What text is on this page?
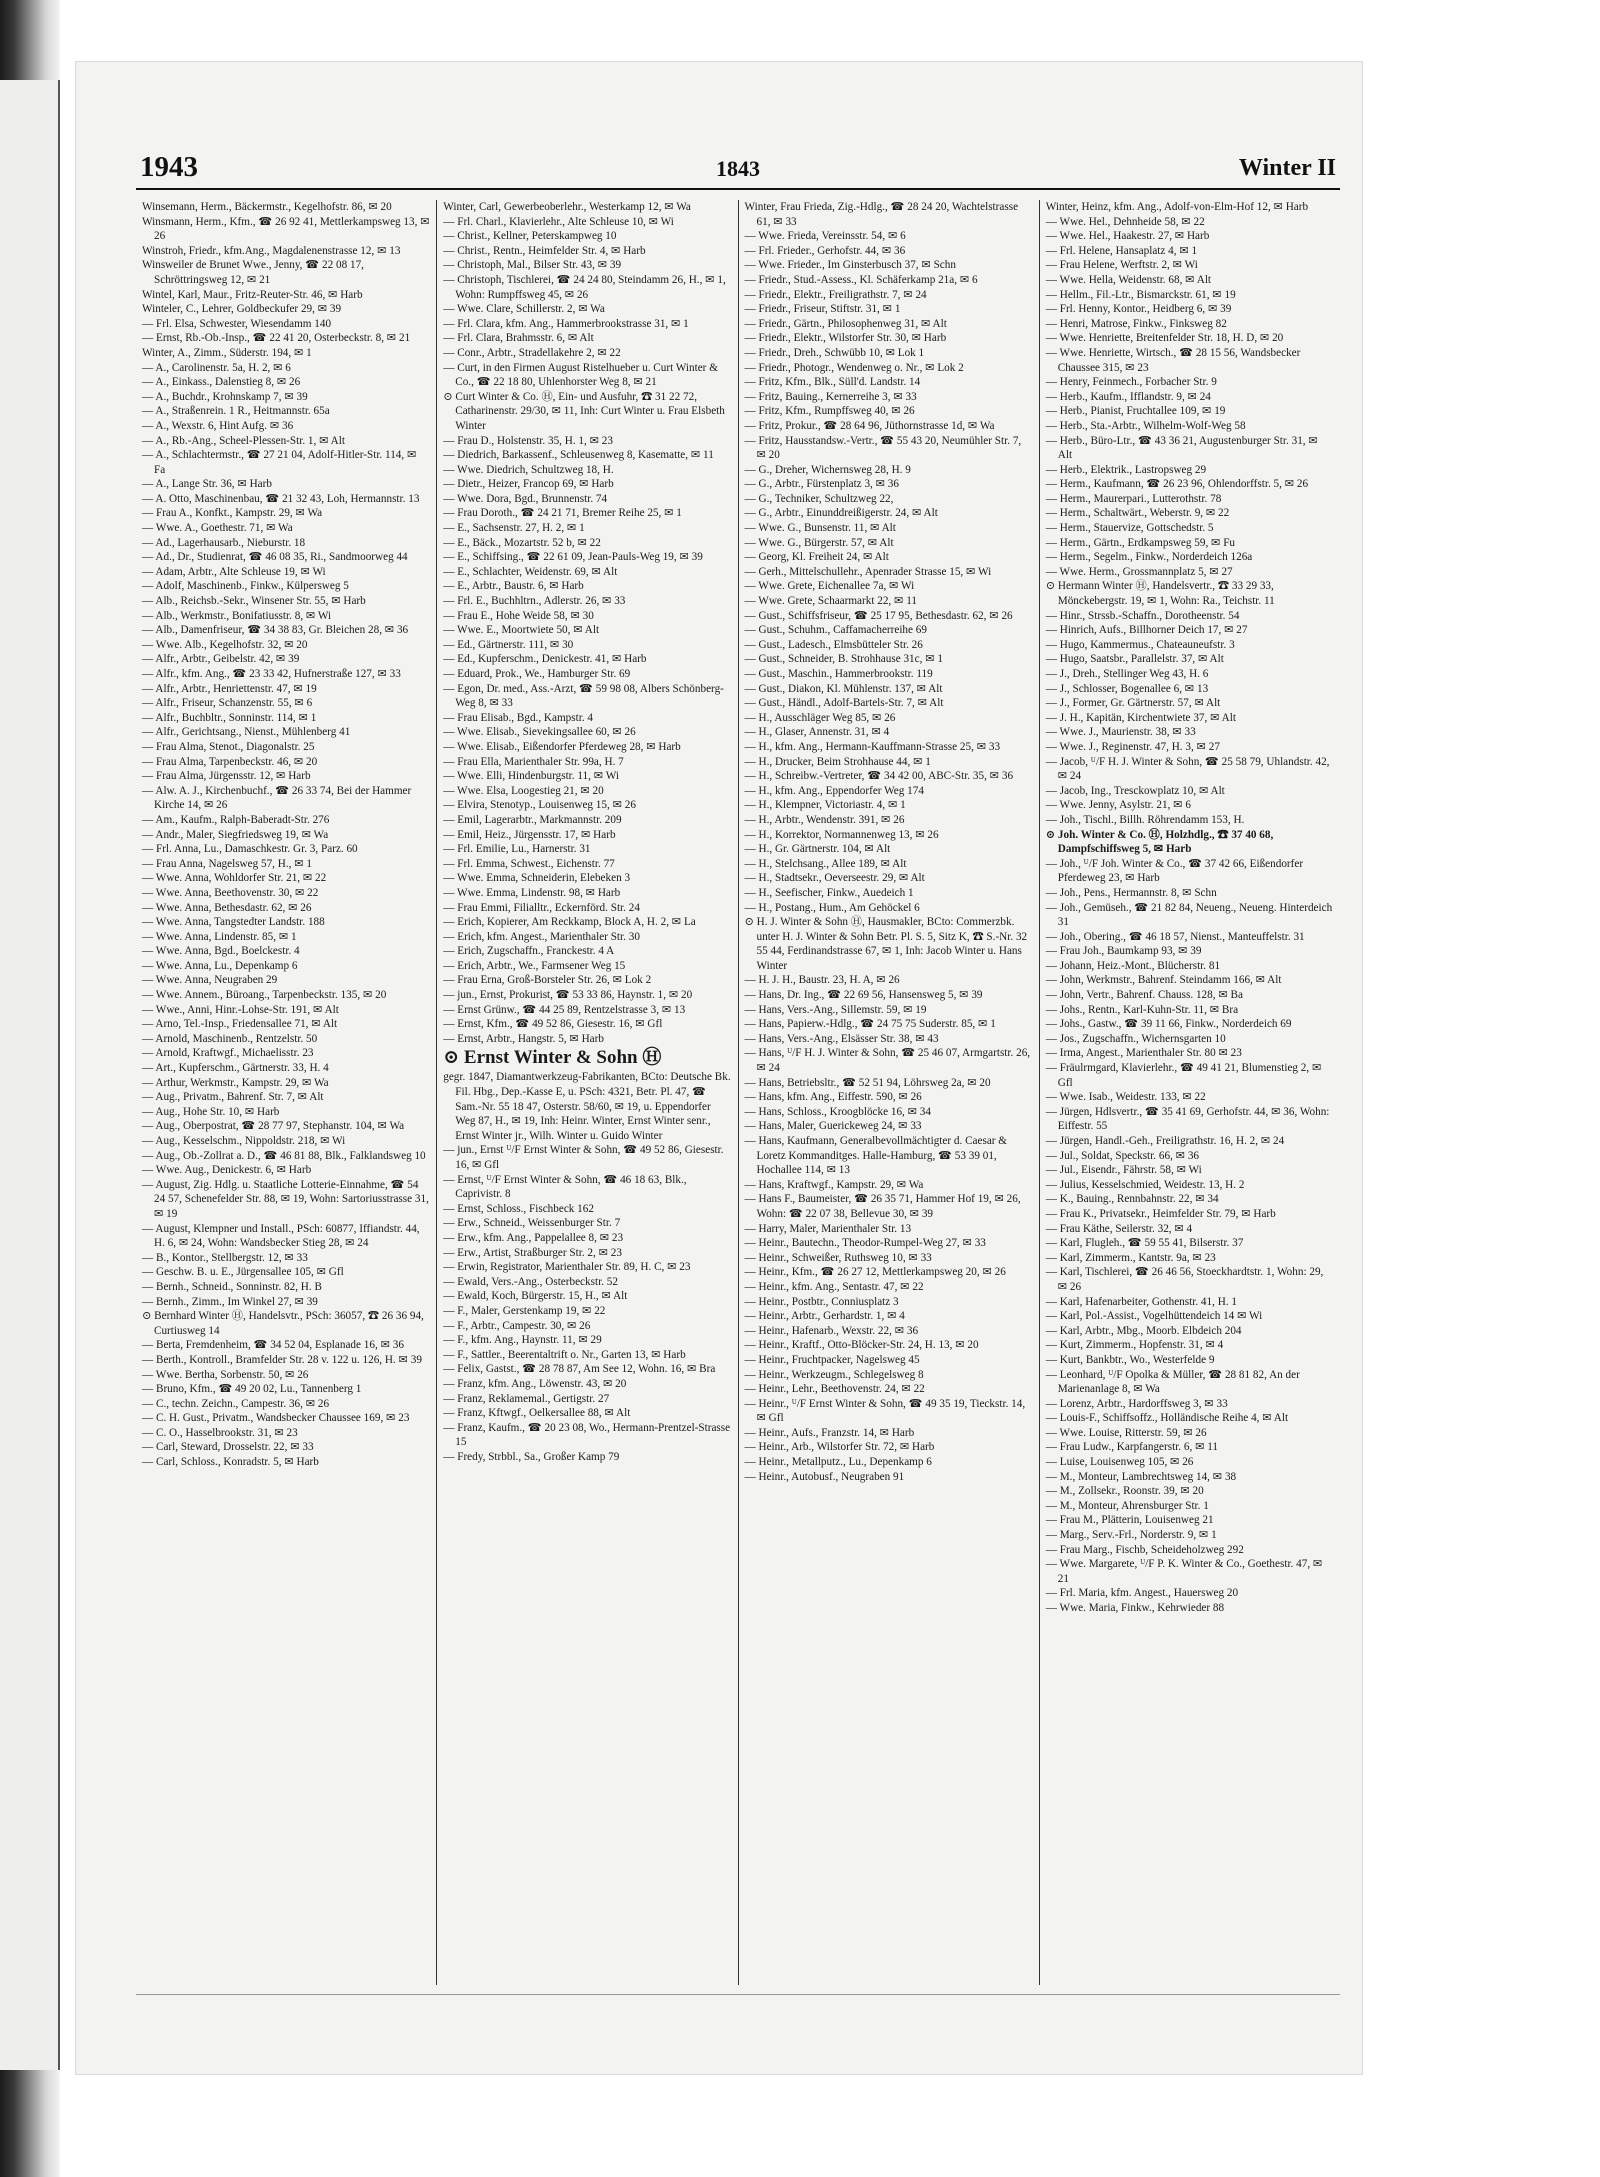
1943	1843	Winter II

Winsemann, Herm., Bäckermstr., Kegelhofstr. 86, ✉ 20

Winsmann, Herm., Kfm., ☎ 26 92 41, Mettlerkampsweg 13, ✉ 26

Winstroh, Friedr., kfm.Ang., Magdalenenstrasse 12, ✉ 13

Winsweiler de Brunet Wwe., Jenny, ☎ 22 08 17, Schröttringsweg 12, ✉ 21

Wintel, Karl, Maur., Fritz-Reuter-Str. 46, ✉ Harb

Winteler, C., Lehrer, Goldbeckufer 29, ✉ 39

— Frl. Elsa, Schwester, Wiesendamm 140

— Ernst, Rb.-Ob.-Insp., ☎ 22 41 20, Osterbeckstr. 8, ✉ 21

Winter, A., Zimm., Süderstr. 194, ✉ 1

— A., Carolinenstr. 5a, H. 2, ✉ 6

— A., Einkass., Dalenstieg 8, ✉ 26

— A., Buchdr., Krohnskamp 7, ✉ 39

— A., Straßenrein. 1 R., Heitmannstr. 65a

— A., Wexstr. 6, Hint Aufg. ✉ 36

— A., Rb.-Ang., Scheel-Plessen-Str. 1, ✉ Alt

— A., Schlachtermstr., ☎ 27 21 04, Adolf-Hitler-Str. 114, ✉ Fa

— A., Lange Str. 36, ✉ Harb

— A. Otto, Maschinenbau, ☎ 21 32 43, Loh, Hermannstr. 13

— Frau A., Konfkt., Kampstr. 29, ✉ Wa

— Wwe. A., Goethestr. 71, ✉ Wa

— Ad., Lagerhausarb., Nieburstr. 18

— Ad., Dr., Studienrat, ☎ 46 08 35, Ri., Sandmoorweg 44

— Adam, Arbtr., Alte Schleuse 19, ✉ Wi

— Adolf, Maschinenb., Finkw., Külpersweg 5

— Alb., Reichsb.-Sekr., Winsener Str. 55, ✉ Harb

— Alb., Werkmstr., Bonifatiusstr. 8, ✉ Wi

— Alb., Damenfriseur, ☎ 34 38 83, Gr. Bleichen 28, ✉ 36

— Wwe. Alb., Kegelhofstr. 32, ✉ 20

— Alfr., Arbtr., Geibelstr. 42, ✉ 39

— Alfr., kfm. Ang., ☎ 23 33 42, Hufnerstraße 127, ✉ 33

— Alfr., Arbtr., Henriettenstr. 47, ✉ 19

— Alfr., Friseur, Schanzenstr. 55, ✉ 6

— Alfr., Buchbltr., Sonninstr. 114, ✉ 1

— Alfr., Gerichtsang., Nienst., Mühlenberg 41

— Frau Alma, Stenot., Diagonalstr. 25

— Frau Alma, Tarpenbeckstr. 46, ✉ 20

— Frau Alma, Jürgensstr. 12, ✉ Harb

— Alw. A. J., Kirchenbuchf., ☎ 26 33 74, Bei der Hammer Kirche 14, ✉ 26

— Am., Kaufm., Ralph-Baberadt-Str. 276

— Andr., Maler, Siegfriedsweg 19, ✉ Wa

— Frl. Anna, Lu., Damaschkestr. Gr. 3, Parz. 60

— Frau Anna, Nagelsweg 57, H., ✉ 1

— Wwe. Anna, Wohldorfer Str. 21, ✉ 22

— Wwe. Anna, Beethovenstr. 30, ✉ 22

— Wwe. Anna, Bethesdastr. 62, ✉ 26

— Wwe. Anna, Tangstedter Landstr. 188

— Wwe. Anna, Lindenstr. 85, ✉ 1

— Wwe. Anna, Bgd., Boelckestr. 4

— Wwe. Anna, Lu., Depenkamp 6

— Wwe. Anna, Neugraben 29

— Wwe. Annem., Büroang., Tarpenbeckstr. 135, ✉ 20

— Wwe., Anni, Hinr.-Lohse-Str. 191, ✉ Alt

— Arno, Tel.-Insp., Friedensallee 71, ✉ Alt

— Arnold, Maschinenb., Rentzelstr. 50

— Arnold, Kraftwgf., Michaelisstr. 23

— Art., Kupferschm., Gärtnerstr. 33, H. 4

— Arthur, Werkmstr., Kampstr. 29, ✉ Wa

— Aug., Privatm., Bahrenf. Str. 7, ✉ Alt

— Aug., Hohe Str. 10, ✉ Harb

— Aug., Oberpostrat, ☎ 28 77 97, Stephanstr. 104, ✉ Wa

— Aug., Kesselschm., Nippoldstr. 218, ✉ Wi

— Aug., Ob.-Zollrat a. D., ☎ 46 81 88, Blk., Falklandsweg 10

— Wwe. Aug., Denickestr. 6, ✉ Harb

— August, Zig. Hdlg. u. Staatliche Lotterie-Einnahme, ☎ 54 24 57, Schenefelder Str. 88, ✉ 19, Wohn: Sartoriusstrasse 31, ✉ 19

— August, Klempner und Install., PSch: 60877, Iffiandstr. 44, H. 6, ✉ 24, Wohn: Wandsbecker Stieg 28, ✉ 24

— B., Kontor., Stellbergstr. 12, ✉ 33

— Geschw. B. u. E., Jürgensallee 105, ✉ Gfl

— Bernh., Schneid., Sonninstr. 82, H. B

— Bernh., Zimm., Im Winkel 27, ✉ 39

⊙ Bernhard Winter Ⓗ, Handelsvtr., PSch: 36057, ☎ 26 36 94, Curtiusweg 14

— Berta, Fremdenheim, ☎ 34 52 04, Esplanade 16, ✉ 36

— Berth., Kontroll., Bramfelder Str. 28 v. 122 u. 126, H. ✉ 39

— Wwe. Bertha, Sorbenstr. 50, ✉ 26

— Bruno, Kfm., ☎ 49 20 02, Lu., Tannenberg 1

— C., techn. Zeichn., Campestr. 36, ✉ 26

— C. H. Gust., Privatm., Wandsbecker Chaussee 169, ✉ 23

— C. O., Hasselbrookstr. 31, ✉ 23

— Carl, Steward, Drosselstr. 22, ✉ 33

— Carl, Schloss., Konradstr. 5, ✉ Harb

Winter, Carl, Gewerbeoberlehr., Westerkamp 12, ✉ Wa

— Frl. Charl., Klavierlehr., Alte Schleuse 10, ✉ Wi

— Christ., Kellner, Peterskampweg 10

— Christ., Rentn., Heimfelder Str. 4, ✉ Harb

— Christoph, Mal., Bilser Str. 43, ✉ 39

— Christoph, Tischlerei, ☎ 24 24 80, Steindamm 26, H., ✉ 1, Wohn: Rumpffsweg 45, ✉ 26

— Wwe. Clare, Schillerstr. 2, ✉ Wa

— Frl. Clara, kfm. Ang., Hammerbrookstrasse 31, ✉ 1

— Frl. Clara, Brahmsstr. 6, ✉ Alt

— Conr., Arbtr., Stradellakehre 2, ✉ 22

— Curt, in den Firmen August Ristelhueber u. Curt Winter & Co., ☎ 22 18 80, Uhlenhorster Weg 8, ✉ 21

⊙ Curt Winter & Co. Ⓗ, Ein- und Ausfuhr, ☎ 31 22 72, Catharinenstr. 29/30, ✉ 11, Inh: Curt Winter u. Frau Elsbeth Winter

— Frau D., Holstenstr. 35, H. 1, ✉ 23

— Diedrich, Barkassenf., Schleusenweg 8, Kasematte, ✉ 11

— Wwe. Diedrich, Schultzweg 18, H.

— Dietr., Heizer, Francop 69, ✉ Harb

— Wwe. Dora, Bgd., Brunnenstr. 74

— Frau Doroth., ☎ 24 21 71, Bremer Reihe 25, ✉ 1

— E., Sachsenstr. 27, H. 2, ✉ 1

— E., Bäck., Mozartstr. 52 b, ✉ 22

— E., Schiffsing., ☎ 22 61 09, Jean-Pauls-Weg 19, ✉ 39

— E., Schlachter, Weidenstr. 69, ✉ Alt

— E., Arbtr., Baustr. 6, ✉ Harb

— Frl. E., Buchhltrn., Adlerstr. 26, ✉ 33

— Frau E., Hohe Weide 58, ✉ 30

— Wwe. E., Moortwiete 50, ✉ Alt

— Ed., Gärtnerstr. 111, ✉ 30

— Ed., Kupferschm., Denickestr. 41, ✉ Harb

— Eduard, Prok., We., Hamburger Str. 69

— Egon, Dr. med., Ass.-Arzt, ☎ 59 98 08, Albers Schönberg-Weg 8, ✉ 33

— Frau Elisab., Bgd., Kampstr. 4

— Wwe. Elisab., Sievekingsallee 60, ✉ 26

— Wwe. Elisab., Eißendorfer Pferdeweg 28, ✉ Harb

— Frau Ella, Marienthaler Str. 99a, H. 7

— Wwe. Elli, Hindenburgstr. 11, ✉ Wi

— Wwe. Elsa, Loogestieg 21, ✉ 20

— Elvira, Stenotyp., Louisenweg 15, ✉ 26

— Emil, Lagerarbtr., Markmannstr. 209

— Emil, Heiz., Jürgensstr. 17, ✉ Harb

— Frl. Emilie, Lu., Harnerstr. 31

— Frl. Emma, Schwest., Eichenstr. 77

— Wwe. Emma, Schneiderin, Elebeken 3

— Wwe. Emma, Lindenstr. 98, ✉ Harb

— Frau Emmi, Filialltr., Eckernförd. Str. 24

— Erich, Kopierer, Am Reckkamp, Block A, H. 2, ✉ La

— Erich, kfm. Angest., Marienthaler Str. 30

— Erich, Zugschaffn., Franckestr. 4 A

— Erich, Arbtr., We., Farmsener Weg 15

— Frau Erna, Groß-Borsteler Str. 26, ✉ Lok 2

— jun., Ernst, Prokurist, ☎ 53 33 86, Haynstr. 1, ✉ 20

— Ernst Grünw., ☎ 44 25 89, Rentzelstrasse 3, ✉ 13

— Ernst, Kfm., ☎ 49 52 86, Giesestr. 16, ✉ Gfl

— Ernst, Arbtr., Hangstr. 5, ✉ Harb

⊙ Ernst Winter & Sohn Ⓗ

gegr. 1847, Diamantwerkzeug-Fabrikanten, BCto: Deutsche Bk. Fil. Hbg., Dep.-Kasse E, u. PSch: 4321, Betr. Pl. 47, ☎ Sam.-Nr. 55 18 47, Osterstr. 58/60, ✉ 19, u. Eppendorfer Weg 87, H., ✉ 19, Inh: Heinr. Winter, Ernst Winter senr., Ernst Winter jr., Wilh. Winter u. Guido Winter

— jun., Ernst ᵁ/F Ernst Winter & Sohn, ☎ 49 52 86, Giesestr. 16, ✉ Gfl

— Ernst, ᵁ/F Ernst Winter & Sohn, ☎ 46 18 63, Blk., Caprivistr. 8

— Ernst, Schloss., Fischbeck 162

— Erw., Schneid., Weissenburger Str. 7

— Erw., kfm. Ang., Pappelallee 8, ✉ 23

— Erw., Artist, Straßburger Str. 2, ✉ 23

— Erwin, Registrator, Marienthaler Str. 89, H. C, ✉ 23

— Ewald, Vers.-Ang., Osterbeckstr. 52

— Ewald, Koch, Bürgerstr. 15, H., ✉ Alt

— F., Maler, Gerstenkamp 19, ✉ 22

— F., Arbtr., Campestr. 30, ✉ 26

— F., kfm. Ang., Haynstr. 11, ✉ 29

— F., Sattler., Beerentaltrift o. Nr., Garten 13, ✉ Harb

— Felix, Gastst., ☎ 28 78 87, Am See 12, Wohn. 16, ✉ Bra

— Franz, kfm. Ang., Löwenstr. 43, ✉ 20

— Franz, Reklamemal., Gertigstr. 27

— Franz, Kftwgf., Oelkersallee 88, ✉ Alt

— Franz, Kaufm., ☎ 20 23 08, Wo., Hermann-Prentzel-Strasse 15

— Fredy, Strbbl., Sa., Großer Kamp 79

Winter, Frau Frieda, Zig.-Hdlg., ☎ 28 24 20, Wachtelstrasse 61, ✉ 33

— Wwe. Frieda, Vereinsstr. 54, ✉ 6

— Frl. Frieder., Gerhofstr. 44, ✉ 36

— Wwe. Frieder., Im Ginsterbusch 37, ✉ Schn

— Friedr., Stud.-Assess., Kl. Schäferkamp 21a, ✉ 6

— Friedr., Elektr., Freiligrathstr. 7, ✉ 24

— Friedr., Friseur, Stiftstr. 31, ✉ 1

— Friedr., Gärtn., Philosophenweg 31, ✉ Alt

— Friedr., Elektr., Wilstorfer Str. 30, ✉ Harb

— Friedr., Dreh., Schwübb 10, ✉ Lok 1

— Friedr., Photogr., Wendenweg o. Nr., ✉ Lok 2

— Fritz, Kfm., Blk., Süll'd. Landstr. 14

— Fritz, Bauing., Kernerreihe 3, ✉ 33

— Fritz, Kfm., Rumpffsweg 40, ✉ 26

— Fritz, Prokur., ☎ 28 64 96, Jüthornstrasse 1d, ✉ Wa

— Fritz, Hausstandsw.-Vertr., ☎ 55 43 20, Neumühler Str. 7, ✉ 20

— G., Dreher, Wichernsweg 28, H. 9

— G., Arbtr., Fürstenplatz 3, ✉ 36

— G., Techniker, Schultzweg 22,

— G., Arbtr., Einunddreißigerstr. 24, ✉ Alt

— Wwe. G., Bunsenstr. 11, ✉ Alt

— Wwe. G., Bürgerstr. 57, ✉ Alt

— Georg, Kl. Freiheit 24, ✉ Alt

— Gerh., Mittelschullehr., Apenrader Strasse 15, ✉ Wi

— Wwe. Grete, Eichenallee 7a, ✉ Wi

— Wwe. Grete, Schaarmarkt 22, ✉ 11

— Gust., Schiffsfriseur, ☎ 25 17 95, Bethesdastr. 62, ✉ 26

— Gust., Schuhm., Caffamacherreihe 69

— Gust., Ladesch., Elmsbütteler Str. 26

— Gust., Schneider, B. Strohhause 31c, ✉ 1

— Gust., Maschin., Hammerbrookstr. 119

— Gust., Diakon, Kl. Mühlenstr. 137, ✉ Alt

— Gust., Händl., Adolf-Bartels-Str. 7, ✉ Alt

— H., Ausschläger Weg 85, ✉ 26

— H., Glaser, Annenstr. 31, ✉ 4

— H., kfm. Ang., Hermann-Kauffmann-Strasse 25, ✉ 33

— H., Drucker, Beim Strohhause 44, ✉ 1

— H., Schreibw.-Vertreter, ☎ 34 42 00, ABC-Str. 35, ✉ 36

— H., kfm. Ang., Eppendorfer Weg 174

— H., Klempner, Victoriastr. 4, ✉ 1

— H., Arbtr., Wendenstr. 391, ✉ 26

— H., Korrektor, Normannenweg 13, ✉ 26

— H., Gr. Gärtnerstr. 104, ✉ Alt

— H., Stelchsang., Allee 189, ✉ Alt

— H., Stadtsekr., Oeverseestr. 29, ✉ Alt

— H., Seefischer, Finkw., Auedeich 1

— H., Postang., Hum., Am Gehöckel 6

⊙ H. J. Winter & Sohn Ⓗ, Hausmakler, BCto: Commerzbk. unter H. J. Winter & Sohn Betr. Pl. S. 5, Sitz K, ☎ S.-Nr. 32 55 44, Ferdinandstrasse 67, ✉ 1, Inh: Jacob Winter u. Hans Winter

— H. J. H., Baustr. 23, H. A, ✉ 26

— Hans, Dr. Ing., ☎ 22 69 56, Hansensweg 5, ✉ 39

— Hans, Vers.-Ang., Sillemstr. 59, ✉ 19

— Hans, Papierw.-Hdlg., ☎ 24 75 75 Suderstr. 85, ✉ 1

— Hans, Vers.-Ang., Elsässer Str. 38, ✉ 43

— Hans, ᵁ/F H. J. Winter & Sohn, ☎ 25 46 07, Armgartstr. 26, ✉ 24

— Hans, Betriebsltr., ☎ 52 51 94, Löhrsweg 2a, ✉ 20

— Hans, kfm. Ang., Eiffestr. 590, ✉ 26

— Hans, Schloss., Kroogblöcke 16, ✉ 34

— Hans, Maler, Guerickeweg 24, ✉ 33

— Hans, Kaufmann, Generalbevollmächtigter d. Caesar & Loretz Kommanditges. Halle-Hamburg, ☎ 53 39 01, Hochallee 114, ✉ 13

— Hans, Kraftwgf., Kampstr. 29, ✉ Wa

— Hans F., Baumeister, ☎ 26 35 71, Hammer Hof 19, ✉ 26, Wohn: ☎ 22 07 38, Bellevue 30, ✉ 39

— Harry, Maler, Marienthaler Str. 13

— Heinr., Bautechn., Theodor-Rumpel-Weg 27, ✉ 33

— Heinr., Schweißer, Ruthsweg 10, ✉ 33

— Heinr., Kfm., ☎ 26 27 12, Mettlerkampsweg 20, ✉ 26

— Heinr., kfm. Ang., Sentastr. 47, ✉ 22

— Heinr., Postbtr., Conniusplatz 3

— Heinr., Arbtr., Gerhardstr. 1, ✉ 4

— Heinr., Hafenarb., Wexstr. 22, ✉ 36

— Heinr., Kraftf., Otto-Blöcker-Str. 24, H. 13, ✉ 20

— Heinr., Fruchtpacker, Nagelsweg 45

— Heinr., Werkzeugm., Schlegelsweg 8

— Heinr., Lehr., Beethovenstr. 24, ✉ 22

— Heinr., ᵁ/F Ernst Winter & Sohn, ☎ 49 35 19, Tieckstr. 14, ✉ Gfl

— Heinr., Aufs., Franzstr. 14, ✉ Harb

— Heinr., Arb., Wilstorfer Str. 72, ✉ Harb

— Heinr., Metallputz., Lu., Depenkamp 6

— Heinr., Autobusf., Neugraben 91

Winter, Heinz, kfm. Ang., Adolf-von-Elm-Hof 12, ✉ Harb

— Wwe. Hel., Dehnheide 58, ✉ 22

— Wwe. Hel., Haakestr. 27, ✉ Harb

— Frl. Helene, Hansaplatz 4, ✉ 1

— Frau Helene, Werftstr. 2, ✉ Wi

— Wwe. Hella, Weidenstr. 68, ✉ Alt

— Hellm., Fil.-Ltr., Bismarckstr. 61, ✉ 19

— Frl. Henny, Kontor., Heidberg 6, ✉ 39

— Henri, Matrose, Finkw., Finksweg 82

— Wwe. Henriette, Breitenfelder Str. 18, H. D, ✉ 20

— Wwe. Henriette, Wirtsch., ☎ 28 15 56, Wandsbecker Chaussee 315, ✉ 23

— Henry, Feinmech., Forbacher Str. 9

— Herb., Kaufm., Ifflandstr. 9, ✉ 24

— Herb., Pianist, Fruchtallee 109, ✉ 19

— Herb., Sta.-Arbtr., Wilhelm-Wolf-Weg 58

— Herb., Büro-Ltr., ☎ 43 36 21, Augustenburger Str. 31, ✉ Alt

— Herb., Elektrik., Lastropsweg 29

— Herm., Kaufmann, ☎ 26 23 96, Ohlendorffstr. 5, ✉ 26

— Herm., Maurerpari., Lutterothstr. 78

— Herm., Schaltwärt., Weberstr. 9, ✉ 22

— Herm., Stauervize, Gottschedstr. 5

— Herm., Gärtn., Erdkampsweg 59, ✉ Fu

— Herm., Segelm., Finkw., Norderdeich 126a

— Wwe. Herm., Grossmannplatz 5, ✉ 27

⊙ Hermann Winter Ⓗ, Handelsvertr., ☎ 33 29 33, Mönckebergstr. 19, ✉ 1, Wohn: Ra., Teichstr. 11

— Hinr., Strssb.-Schaffn., Dorotheenstr. 54

— Hinrich, Aufs., Billhorner Deich 17, ✉ 27

— Hugo, Kammermus., Chateauneufstr. 3

— Hugo, Saatsbr., Parallelstr. 37, ✉ Alt

— J., Dreh., Stellinger Weg 43, H. 6

— J., Schlosser, Bogenallee 6, ✉ 13

— J., Former, Gr. Gärtnerstr. 57, ✉ Alt

— J. H., Kapitän, Kirchentwiete 37, ✉ Alt

— Wwe. J., Maurienstr. 38, ✉ 33

— Wwe. J., Reginenstr. 47, H. 3, ✉ 27

— Jacob, ᵁ/F H. J. Winter & Sohn, ☎ 25 58 79, Uhlandstr. 42, ✉ 24

— Jacob, Ing., Tresckowplatz 10, ✉ Alt

— Wwe. Jenny, Asylstr. 21, ✉ 6

— Joh., Tischl., Billh. Röhrendamm 153, H.

⊙ Joh. Winter & Co. Ⓗ, Holzhdlg., ☎ 37 40 68, Dampfschiffsweg 5, ✉ Harb

— Joh., ᵁ/F Joh. Winter & Co., ☎ 37 42 66, Eißendorfer Pferdeweg 23, ✉ Harb

— Joh., Pens., Hermannstr. 8, ✉ Schn

— Joh., Gemüseh., ☎ 21 82 84, Neueng., Neueng. Hinterdeich 31

— Joh., Obering., ☎ 46 18 57, Nienst., Manteuffelstr. 31

— Frau Joh., Baumkamp 93, ✉ 39

— Johann, Heiz.-Mont., Blücherstr. 81

— John, Werkmstr., Bahrenf. Steindamm 166, ✉ Alt

— John, Vertr., Bahrenf. Chauss. 128, ✉ Ba

— Johs., Rentn., Karl-Kuhn-Str. 11, ✉ Bra

— Johs., Gastw., ☎ 39 11 66, Finkw., Norderdeich 69

— Jos., Zugschaffn., Wichernsgarten 10

— Irma, Angest., Marienthaler Str. 80 ✉ 23

— Fräulrmgard, Klavierlehr., ☎ 49 41 21, Blumenstieg 2, ✉ Gfl

— Wwe. Isab., Weidestr. 133, ✉ 22

— Jürgen, Hdlsvertr., ☎ 35 41 69, Gerhofstr. 44, ✉ 36, Wohn: Eiffestr. 55

— Jürgen, Handl.-Geh., Freiligrathstr. 16, H. 2, ✉ 24

— Jul., Soldat, Speckstr. 66, ✉ 36

— Jul., Eisendr., Fährstr. 58, ✉ Wi

— Julius, Kesselschmied, Weidestr. 13, H. 2

— K., Bauing., Rennbahnstr. 22, ✉ 34

— Frau K., Privatsekr., Heimfelder Str. 79, ✉ Harb

— Frau Käthe, Seilerstr. 32, ✉ 4

— Karl, Flugleh., ☎ 59 55 41, Bilserstr. 37

— Karl, Zimmerm., Kantstr. 9a, ✉ 23

— Karl, Tischlerei, ☎ 26 46 56, Stoeckhardtstr. 1, Wohn: 29, ✉ 26

— Karl, Hafenarbeiter, Gothenstr. 41, H. 1

— Karl, Pol.-Assist., Vogelhüttendeich 14 ✉ Wi

— Karl, Arbtr., Mbg., Moorb. Elbdeich 204

— Kurt, Zimmerm., Hopfenstr. 31, ✉ 4

— Kurt, Bankbtr., Wo., Westerfelde 9

— Leonhard, ᵁ/F Opolka & Müller, ☎ 28 81 82, An der Marienanlage 8, ✉ Wa

— Lorenz, Arbtr., Hardorffsweg 3, ✉ 33

— Louis-F., Schiffsoffz., Holländische Reihe 4, ✉ Alt

— Wwe. Louise, Ritterstr. 59, ✉ 26

— Frau Ludw., Karpfangerstr. 6, ✉ 11

— Luise, Louisenweg 105, ✉ 26

— M., Monteur, Lambrechtsweg 14, ✉ 38

— M., Zollsekr., Roonstr. 39, ✉ 20

— M., Monteur, Ahrensburger Str. 1

— Frau M., Plätterin, Louisenweg 21

— Marg., Serv.-Frl., Norderstr. 9, ✉ 1

— Frau Marg., Fischb, Scheideholzweg 292

— Wwe. Margarete, ᵁ/F P. K. Winter & Co., Goethestr. 47, ✉ 21

— Frl. Maria, kfm. Angest., Hauersweg 20

— Wwe. Maria, Finkw., Kehrwieder 88
